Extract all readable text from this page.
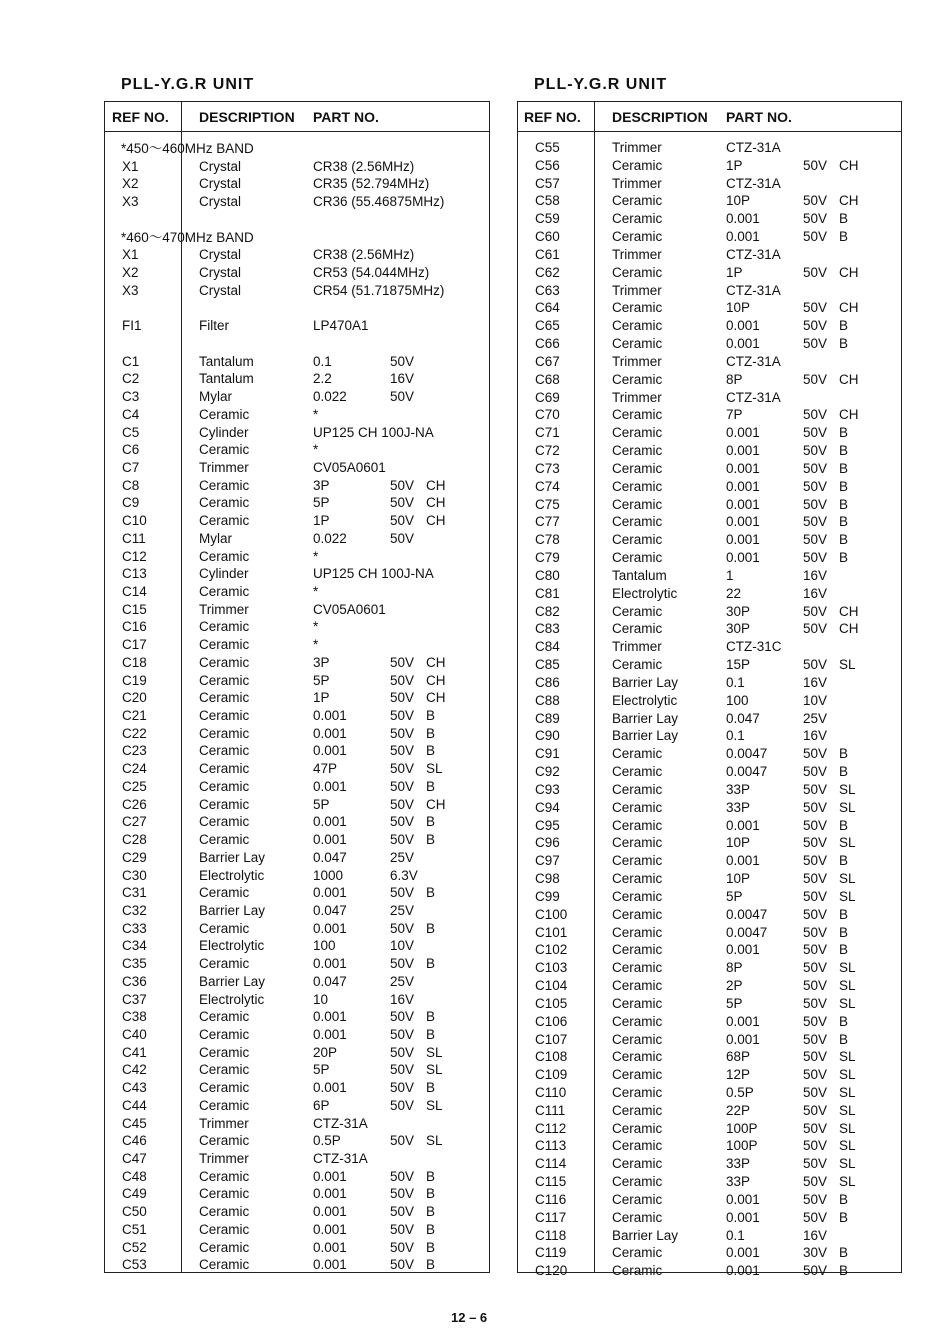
PLL-Y.G.R UNIT	PLL-Y.G.R UNIT
REF NO. DESCRIPTION PART NO.
*450～460MHz BAND
X1	Crystal	CR38 (2.56MHz)
X2	Crystal	CR35 (52.794MHz)
X3	Crystal	CR36 (55.46875MHz)
*460～470MHz BAND
X1	Crystal	CR38 (2.56MHz)
X2	Crystal	CR53 (54.044MHz)
X3	Crystal	CR54 (51.71875MHz)
FI1	Filter	LP470A1
C1	Tantalum	0.1	50V
C2	Tantalum	2.2	16V
C3	Mylar	0.022	50V
C4	Ceramic	*
C5	Cylinder	UP125 CH 100J-NA
C6	Ceramic	*
C7	Trimmer	CV05A0601
C8	Ceramic	3P	50V CH
C9	Ceramic	5P	50V CH
C10	Ceramic	1P	50V CH
C11	Mylar	0.022	50V
C12	Ceramic	*
C13	Cylinder	UP125 CH 100J-NA
C14	Ceramic	*
C15	Trimmer	CV05A0601
C16	Ceramic	*
C17	Ceramic	*
C18	Ceramic	3P	50V CH
C19	Ceramic	5P	50V CH
C20	Ceramic	1P	50V CH
C21	Ceramic	0.001	50V B
C22	Ceramic	0.001	50V B
C23	Ceramic	0.001	50V B
C24	Ceramic	47P	50V SL
C25	Ceramic	0.001	50V B
C26	Ceramic	5P	50V CH
C27	Ceramic	0.001	50V B
C28	Ceramic	0.001	50V B
C29	Barrier Lay	0.047	25V
C30	Electrolytic	1000	6.3V
C31	Ceramic	0.001	50V B
C32	Barrier Lay	0.047	25V
C33	Ceramic	0.001	50V B
C34	Electrolytic	100	10V
C35	Ceramic	0.001	50V B
C36	Barrier Lay	0.047	25V
C37	Electrolytic	10	16V
C38	Ceramic	0.001	50V B
C40	Ceramic	0.001	50V B
C41	Ceramic	20P	50V SL
C42	Ceramic	5P	50V SL
C43	Ceramic	0.001	50V B
C44	Ceramic	6P	50V SL
C45	Trimmer	CTZ-31A
C46	Ceramic	0.5P	50V SL
C47	Trimmer	CTZ-31A
C48	Ceramic	0.001	50V B
C49	Ceramic	0.001	50V B
C50	Ceramic	0.001	50V B
C51	Ceramic	0.001	50V B
C52	Ceramic	0.001	50V B
C53	Ceramic	0.001	50V B
REF NO. DESCRIPTION PART NO.
C55	Trimmer	CTZ-31A
C56	Ceramic	1P	50V CH
C57	Trimmer	CTZ-31A
C58	Ceramic	10P	50V CH
C59	Ceramic	0.001	50V B
C60	Ceramic	0.001	50V B
C61	Trimmer	CTZ-31A
C62	Ceramic	1P	50V CH
C63	Trimmer	CTZ-31A
C64	Ceramic	10P	50V CH
C65	Ceramic	0.001	50V B
C66	Ceramic	0.001	50V B
C67	Trimmer	CTZ-31A
C68	Ceramic	8P	50V CH
C69	Trimmer	CTZ-31A
C70	Ceramic	7P	50V CH
C71	Ceramic	0.001	50V B
C72	Ceramic	0.001	50V B
C73	Ceramic	0.001	50V B
C74	Ceramic	0.001	50V B
C75	Ceramic	0.001	50V B
C77	Ceramic	0.001	50V B
C78	Ceramic	0.001	50V B
C79	Ceramic	0.001	50V B
C80	Tantalum	1	16V
C81	Electrolytic	22	16V
C82	Ceramic	30P	50V CH
C83	Ceramic	30P	50V CH
C84	Trimmer	CTZ-31C
C85	Ceramic	15P	50V SL
C86	Barrier Lay	0.1	16V
C88	Electrolytic	100	10V
C89	Barrier Lay	0.047	25V
C90	Barrier Lay	0.1	16V
C91	Ceramic	0.0047	50V B
C92	Ceramic	0.0047	50V B
C93	Ceramic	33P	50V SL
C94	Ceramic	33P	50V SL
C95	Ceramic	0.001	50V B
C96	Ceramic	10P	50V SL
C97	Ceramic	0.001	50V B
C98	Ceramic	10P	50V SL
C99	Ceramic	5P	50V SL
C100	Ceramic	0.0047	50V B
C101	Ceramic	0.0047	50V B
C102	Ceramic	0.001	50V B
C103	Ceramic	8P	50V SL
C104	Ceramic	2P	50V SL
C105	Ceramic	5P	50V SL
C106	Ceramic	0.001	50V B
C107	Ceramic	0.001	50V B
C108	Ceramic	68P	50V SL
C109	Ceramic	12P	50V SL
C110	Ceramic	0.5P	50V SL
C111	Ceramic	22P	50V SL
C112	Ceramic	100P	50V SL
C113	Ceramic	100P	50V SL
C114	Ceramic	33P	50V SL
C115	Ceramic	33P	50V SL
C116	Ceramic	0.001	50V B
C117	Ceramic	0.001	50V B
C118	Barrier Lay	0.1	16V
C119	Ceramic	0.001	30V B
C120	Ceramic	0.001	50V B
12 – 6
